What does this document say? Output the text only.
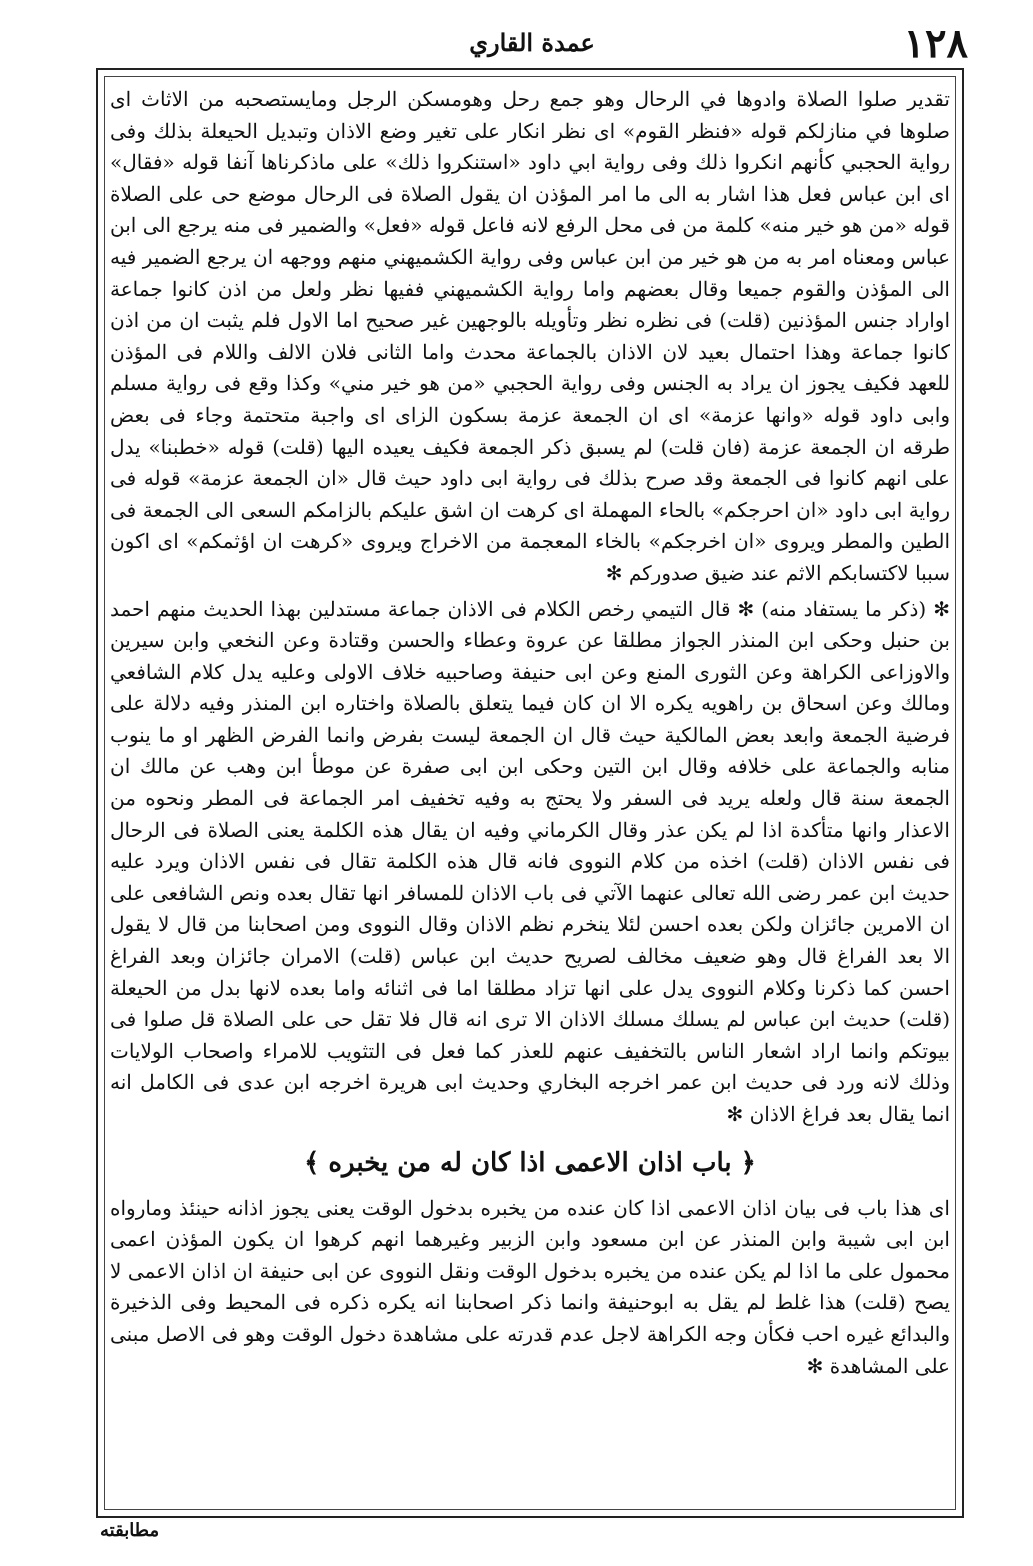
١٢٨
عمدة القاري

تقدير صلوا الصلاة وادوها في الرحال وهو جمع رحل وهومسكن الرجل ومايستصحبه من الاثاث اى صلوها في منازلكم قوله «فنظر القوم» اى نظر انكار على تغير وضع الاذان وتبديل الحيعلة بذلك وفى رواية الحجبي كأنهم انكروا ذلك وفى رواية ابي داود «استنكروا ذلك» على ماذكرناها آنفا قوله «فقال» اى ابن عباس فعل هذا اشار به الى ما امر المؤذن ان يقول الصلاة فى الرحال موضع حى على الصلاة قوله «من هو خير منه» كلمة من فى محل الرفع لانه فاعل قوله «فعل» والضمير فى منه يرجع الى ابن عباس ومعناه امر به من هو خير من ابن عباس وفى رواية الكشميهني منهم ووجهه ان يرجع الضمير فيه الى المؤذن والقوم جميعا وقال بعضهم واما رواية الكشميهني ففيها نظر ولعل من اذن كانوا جماعة اواراد جنس المؤذنين (قلت) فى نظره نظر وتأويله بالوجهين غير صحيح اما الاول فلم يثبت ان من اذن كانوا جماعة وهذا احتمال بعيد لان الاذان بالجماعة محدث واما الثانى فلان الالف واللام فى المؤذن للعهد فكيف يجوز ان يراد به الجنس وفى رواية الحجبي «من هو خير مني» وكذا وقع فى رواية مسلم وابى داود قوله «وانها عزمة» اى ان الجمعة عزمة بسكون الزاى اى واجبة متحتمة وجاء فى بعض طرقه ان الجمعة عزمة (فان قلت) لم يسبق ذكر الجمعة فكيف يعيده اليها (قلت) قوله «خطبنا» يدل على انهم كانوا فى الجمعة وقد صرح بذلك فى رواية ابى داود حيث قال «ان الجمعة عزمة» قوله فى رواية ابى داود «ان احرجكم» بالحاء المهملة اى كرهت ان اشق عليكم بالزامكم السعى الى الجمعة فى الطين والمطر ويروى «ان اخرجكم» بالخاء المعجمة من الاخراج ويروى «كرهت ان اؤثمكم» اى اكون سببا لاكتسابكم الاثم عند ضيق صدوركم ✻

✻ (ذكر ما يستفاد منه) ✻ قال التيمي رخص الكلام فى الاذان جماعة مستدلين بهذا الحديث منهم احمد بن حنبل وحكى ابن المنذر الجواز مطلقا عن عروة وعطاء والحسن وقتادة وعن النخعي وابن سيرين والاوزاعى الكراهة وعن الثورى المنع وعن ابى حنيفة وصاحبيه خلاف الاولى وعليه يدل كلام الشافعي ومالك وعن اسحاق بن راهويه يكره الا ان كان فيما يتعلق بالصلاة واختاره ابن المنذر وفيه دلالة على فرضية الجمعة وابعد بعض المالكية حيث قال ان الجمعة ليست بفرض وانما الفرض الظهر او ما ينوب منابه والجماعة على خلافه وقال ابن التين وحكى ابن ابى صفرة عن موطأ ابن وهب عن مالك ان الجمعة سنة قال ولعله يريد فى السفر ولا يحتج به وفيه تخفيف امر الجماعة فى المطر ونحوه من الاعذار وانها متأكدة اذا لم يكن عذر وقال الكرماني وفيه ان يقال هذه الكلمة يعنى الصلاة فى الرحال فى نفس الاذان (قلت) اخذه من كلام النووى فانه قال هذه الكلمة تقال فى نفس الاذان ويرد عليه حديث ابن عمر رضى الله تعالى عنهما الآتي فى باب الاذان للمسافر انها تقال بعده ونص الشافعى على ان الامرين جائزان ولكن بعده احسن لئلا ينخرم نظم الاذان وقال النووى ومن اصحابنا من قال لا يقول الا بعد الفراغ قال وهو ضعيف مخالف لصريح حديث ابن عباس (قلت) الامران جائزان وبعد الفراغ احسن كما ذكرنا وكلام النووى يدل على انها تزاد مطلقا اما فى اثنائه واما بعده لانها بدل من الحيعلة (قلت) حديث ابن عباس لم يسلك مسلك الاذان الا ترى انه قال فلا تقل حى على الصلاة قل صلوا فى بيوتكم وانما اراد اشعار الناس بالتخفيف عنهم للعذر كما فعل فى التثويب للامراء واصحاب الولايات وذلك لانه ورد فى حديث ابن عمر اخرجه البخاري وحديث ابى هريرة اخرجه ابن عدى فى الكامل انه انما يقال بعد فراغ الاذان ✻

﴿ باب اذان الاعمى اذا كان له من يخبره ﴾

اى هذا باب فى بيان اذان الاعمى اذا كان عنده من يخبره بدخول الوقت يعنى يجوز اذانه حينئذ ومارواه ابن ابى شيبة وابن المنذر عن ابن مسعود وابن الزبير وغيرهما انهم كرهوا ان يكون المؤذن اعمى محمول على ما اذا لم يكن عنده من يخبره بدخول الوقت ونقل النووى عن ابى حنيفة ان اذان الاعمى لا يصح (قلت) هذا غلط لم يقل به ابوحنيفة وانما ذكر اصحابنا انه يكره ذكره فى المحيط وفى الذخيرة والبدائع غيره احب فكأن وجه الكراهة لاجل عدم قدرته على مشاهدة دخول الوقت وهو فى الاصل مبنى على المشاهدة ✻

مطابقته
